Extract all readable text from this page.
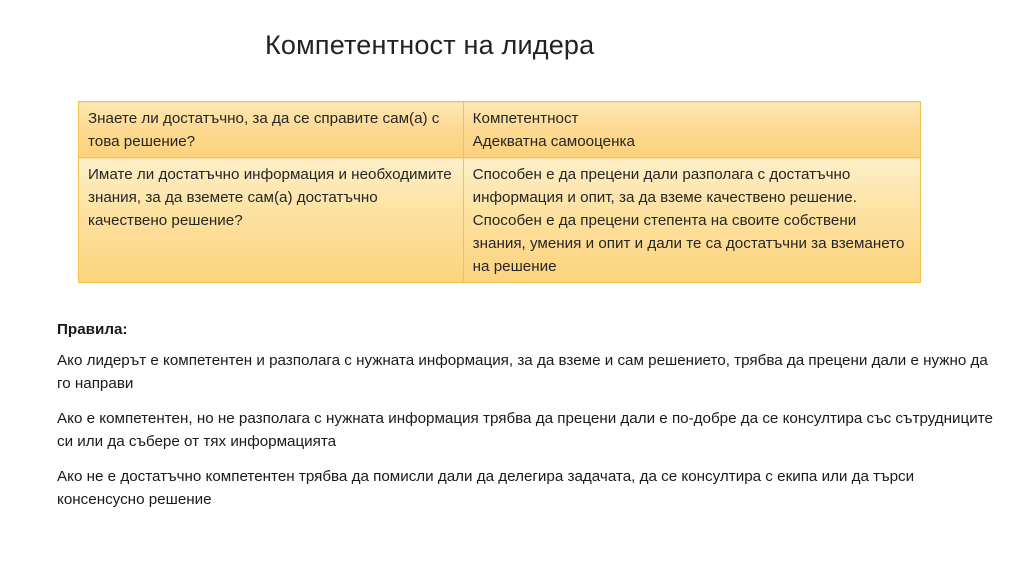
Компетентност на лидера
Знаете ли достатъчно, за да се справите сам(а) с това решение?	Компетентност
Адекватна самооценка

Имате ли достатъчно информация и необходимите знания, за да вземете сам(а) достатъчно качествено решение?	Способен е да прецени дали разполага с достатъчно информация и опит, за да вземе качествено решение. Способен е да прецени степента на своите собствени знания, умения и опит и дали те са достатъчни за вземането на решение

Правила:

Ако лидерът е компетентен и разполага с нужната информация, за да вземе и сам решението, трябва да прецени дали е нужно да го направи

Ако е компетентен, но не разполага с нужната информация трябва да прецени дали е по-добре да се консултира със сътрудниците си или да събере от тях информацията

Ако не е достатъчно компетентен трябва да помисли дали да делегира задачата, да се консултира с екипа или да търси консенсусно решение
